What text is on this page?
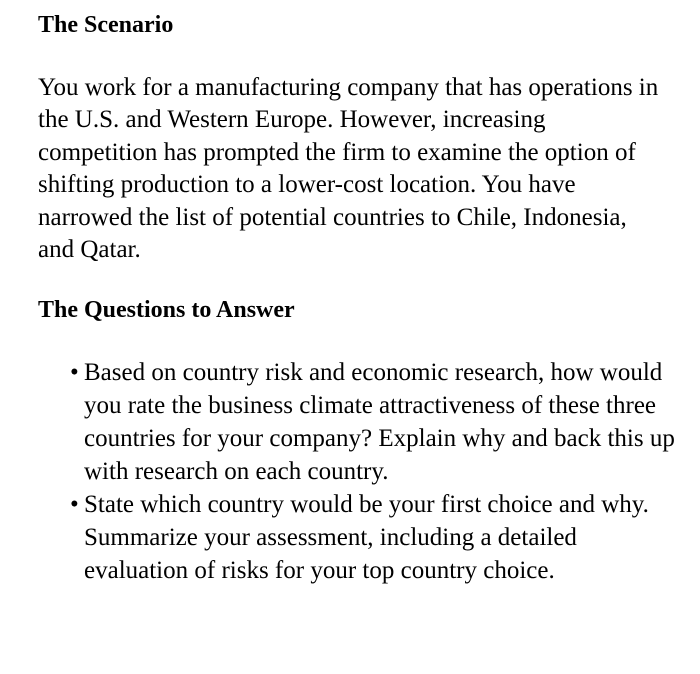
The Scenario

You work for a manufacturing company that has operations in the U.S. and Western Europe. However, increasing competition has prompted the firm to examine the option of shifting production to a lower-cost location. You have narrowed the list of potential countries to Chile, Indonesia, and Qatar.

The Questions to Answer
• Based on country risk and economic research, how would you rate the business climate attractiveness of these three countries for your company? Explain why and back this up with research on each country.
• State which country would be your first choice and why. Summarize your assessment, including a detailed evaluation of risks for your top country choice.
